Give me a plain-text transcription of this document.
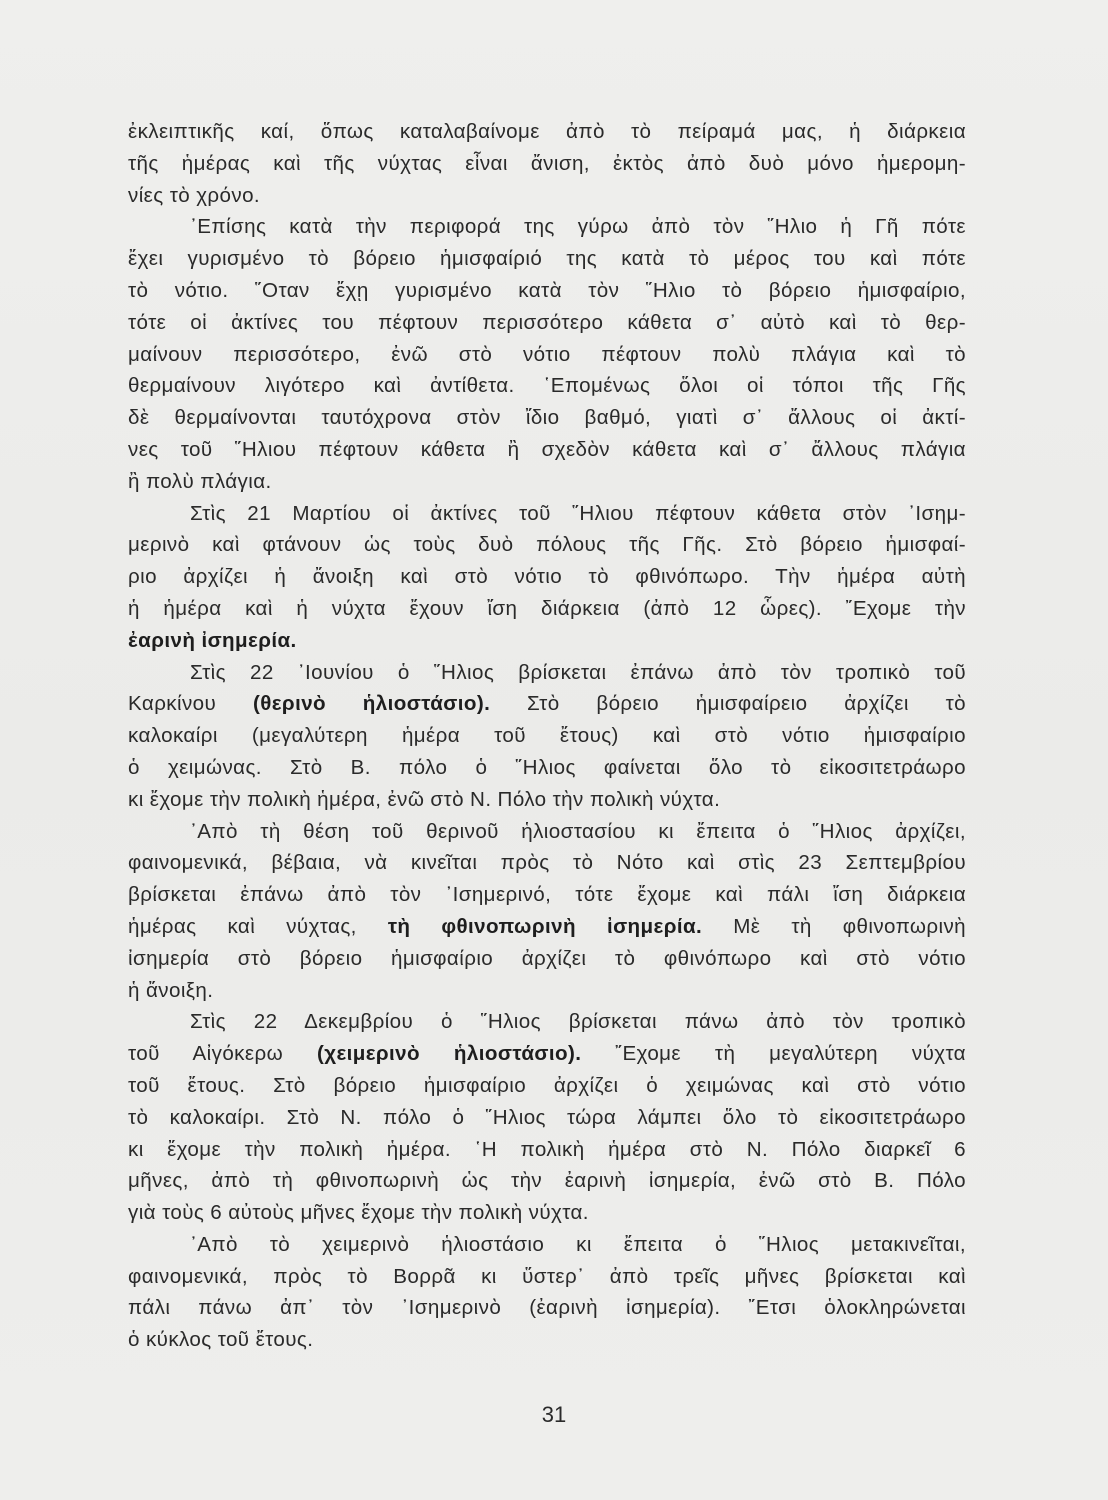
ἐκλειπτικῆς καί, ὅπως καταλαβαίνομε ἀπὸ τὸ πείραμά μας, ἡ διάρκεια
τῆς ἡμέρας καὶ τῆς νύχτας εἶναι ἄνιση, ἐκτὸς ἀπὸ δυὸ μόνο ἡμερομη-
νίες τὸ χρόνο.
᾿Επίσης κατὰ τὴν περιφορά της γύρω ἀπὸ τὸν ῞Ηλιο ἡ Γῆ πότε
ἔχει γυρισμένο τὸ βόρειο ἡμισφαίριό της κατὰ τὸ μέρος του καὶ πότε
τὸ νότιο. ῞Οταν ἔχῃ γυρισμένο κατὰ τὸν ῞Ηλιο τὸ βόρειο ἡμισφαίριο,
τότε οἱ ἀκτίνες του πέφτουν περισσότερο κάθετα σ᾿ αὐτὸ καὶ τὸ θερ-
μαίνουν περισσότερο, ἐνῶ στὸ νότιο πέφτουν πολὺ πλάγια καὶ τὸ
θερμαίνουν λιγότερο καὶ ἀντίθετα. ῾Επομένως ὅλοι οἱ τόποι τῆς Γῆς
δὲ θερμαίνονται ταυτόχρονα στὸν ἴδιο βαθμό, γιατὶ σ᾿ ἄλλους οἱ ἀκτί-
νες τοῦ ῞Ηλιου πέφτουν κάθετα ἢ σχεδὸν κάθετα καὶ σ᾿ ἄλλους πλάγια
ἢ πολὺ πλάγια.
Στὶς 21 Μαρτίου οἱ ἀκτίνες τοῦ ῞Ηλιου πέφτουν κάθετα στὸν ᾿Ισημ-
μερινὸ καὶ φτάνουν ὡς τοὺς δυὸ πόλους τῆς Γῆς. Στὸ βόρειο ἡμισφαί-
ριο ἀρχίζει ἡ ἄνοιξη καὶ στὸ νότιο τὸ φθινόπωρο. Τὴν ἡμέρα αὐτὴ
ἡ ἡμέρα καὶ ἡ νύχτα ἔχουν ἴση διάρκεια (ἀπὸ 12 ὧρες). ῎Εχομε τὴν
ἐαρινὴ ἰσημερία.
Στὶς 22 ᾿Ιουνίου ὁ ῞Ηλιος βρίσκεται ἐπάνω ἀπὸ τὸν τροπικὸ τοῦ
Καρκίνου (θερινὸ ἡλιοστάσιο). Στὸ βόρειο ἡμισφαίρειο ἀρχίζει τὸ
καλοκαίρι (μεγαλύτερη ἡμέρα τοῦ ἔτους) καὶ στὸ νότιο ἡμισφαίριο
ὁ χειμώνας. Στὸ Β. πόλο ὁ ῞Ηλιος φαίνεται ὅλο τὸ εἰκοσιτετράωρο
κι ἔχομε τὴν πολικὴ ἡμέρα, ἐνῶ στὸ Ν. Πόλο τὴν πολικὴ νύχτα.
᾿Απὸ τὴ θέση τοῦ θερινοῦ ἡλιοστασίου κι ἔπειτα ὁ ῞Ηλιος ἀρχίζει,
φαινομενικά, βέβαια, νὰ κινεῖται πρὸς τὸ Νότο καὶ στὶς 23 Σεπτεμβρίου
βρίσκεται ἐπάνω ἀπὸ τὸν ᾿Ισημερινό, τότε ἔχομε καὶ πάλι ἴση διάρκεια
ἡμέρας καὶ νύχτας, τὴ φθινοπωρινὴ ἰσημερία. Μὲ τὴ φθινοπωρινὴ
ἰσημερία στὸ βόρειο ἡμισφαίριο ἀρχίζει τὸ φθινόπωρο καὶ στὸ νότιο
ἡ ἄνοιξη.
Στὶς 22 Δεκεμβρίου ὁ ῞Ηλιος βρίσκεται πάνω ἀπὸ τὸν τροπικὸ
τοῦ Αἰγόκερω (χειμερινὸ ἡλιοστάσιο). ῎Εχομε τὴ μεγαλύτερη νύχτα
τοῦ ἔτους. Στὸ βόρειο ἡμισφαίριο ἀρχίζει ὁ χειμώνας καὶ στὸ νότιο
τὸ καλοκαίρι. Στὸ Ν. πόλο ὁ ῞Ηλιος τώρα λάμπει ὅλο τὸ εἰκοσιτετράωρο
κι ἔχομε τὴν πολικὴ ἡμέρα. ῾Η πολικὴ ἡμέρα στὸ Ν. Πόλο διαρκεῖ 6
μῆνες, ἀπὸ τὴ φθινοπωρινὴ ὡς τὴν ἐαρινὴ ἰσημερία, ἐνῶ στὸ Β. Πόλο
γιὰ τοὺς 6 αὐτοὺς μῆνες ἔχομε τὴν πολικὴ νύχτα.
᾿Απὸ τὸ χειμερινὸ ἡλιοστάσιο κι ἔπειτα ὁ ῞Ηλιος μετακινεῖται,
φαινομενικά, πρὸς τὸ Βορρᾶ κι ὕστερ᾿ ἀπὸ τρεῖς μῆνες βρίσκεται καὶ
πάλι πάνω ἀπ᾿ τὸν ᾿Ισημερινὸ (ἐαρινὴ ἰσημερία). ῎Ετσι ὁλοκληρώνεται
ὁ κύκλος τοῦ ἔτους.
31
